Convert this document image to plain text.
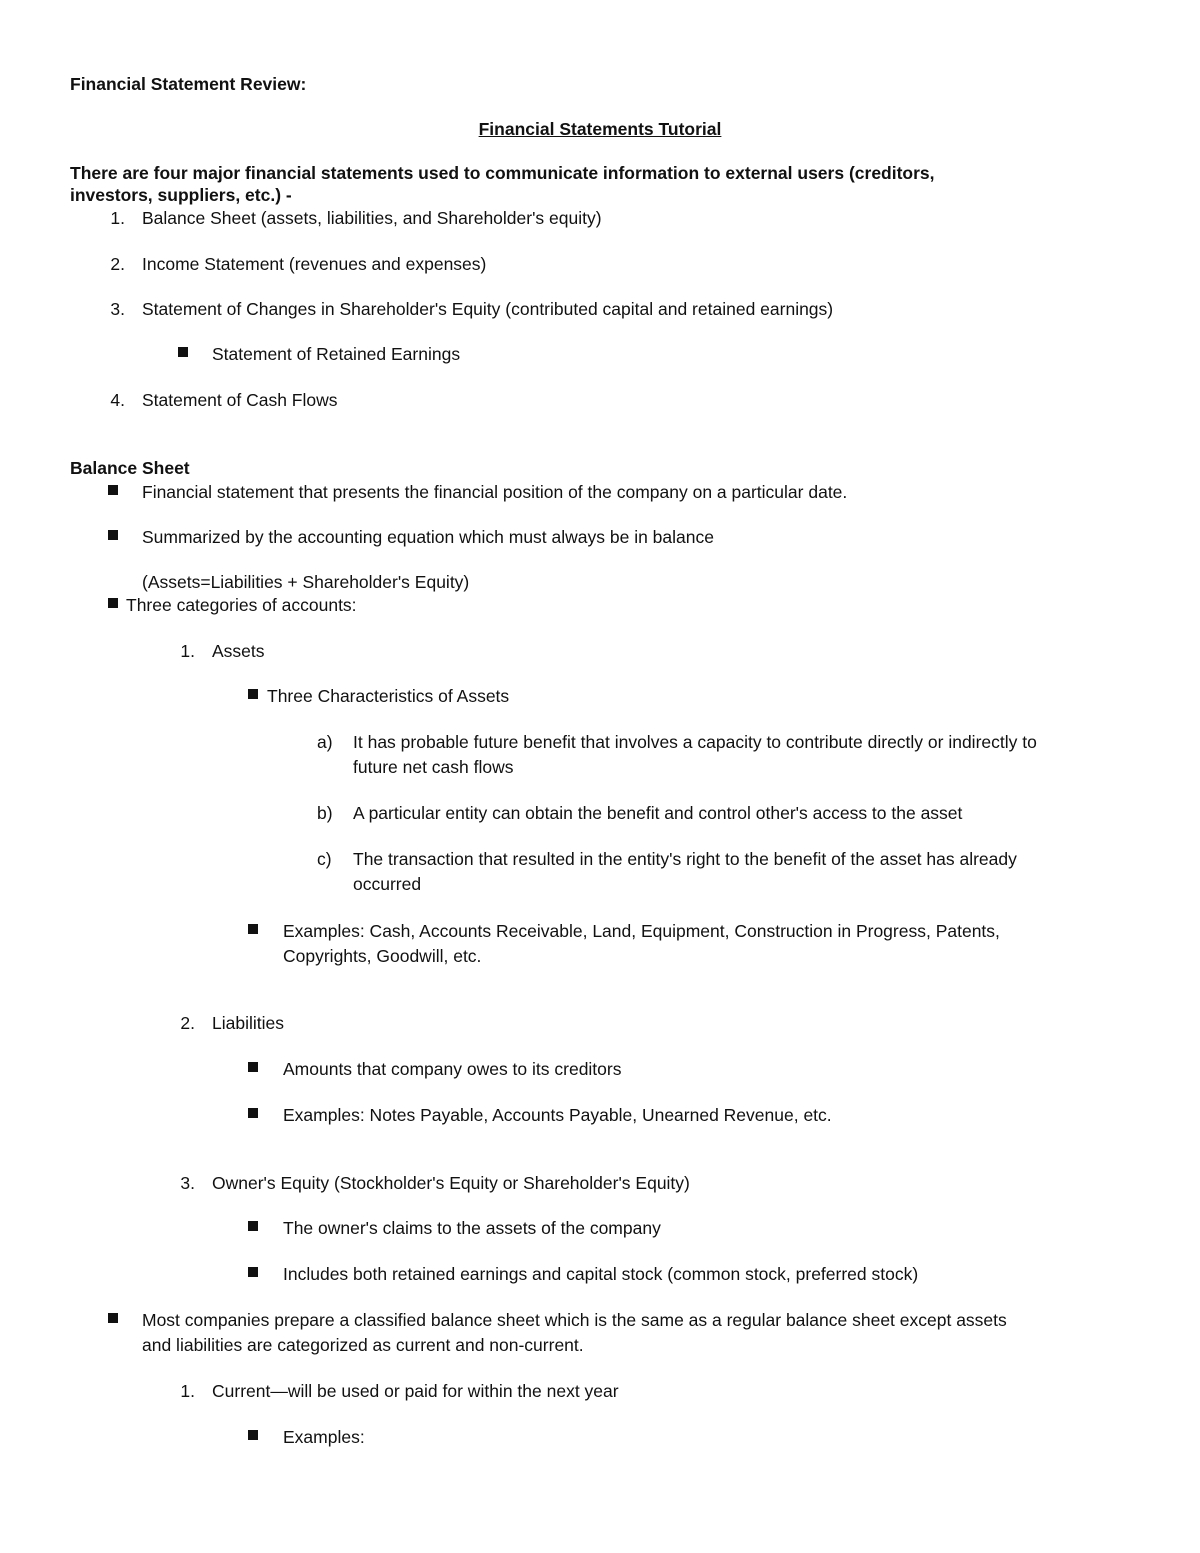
Financial Statement Review:
Financial Statements Tutorial
There are four major financial statements used to communicate information to external users (creditors,
investors, suppliers, etc.) -
1. Balance Sheet (assets, liabilities, and Shareholder's equity)
2. Income Statement (revenues and expenses)
3. Statement of Changes in Shareholder's Equity (contributed capital and retained earnings)
Statement of Retained Earnings
4. Statement of Cash Flows
Balance Sheet
Financial statement that presents the financial position of the company on a particular date.
Summarized by the accounting equation which must always be in balance
(Assets=Liabilities + Shareholder's Equity)
Three categories of accounts:
1. Assets
Three Characteristics of Assets
a) It has probable future benefit that involves a capacity to contribute directly or indirectly to
future net cash flows
b) A particular entity can obtain the benefit and control other's access to the asset
c) The transaction that resulted in the entity's right to the benefit of the asset has already
occurred
Examples: Cash, Accounts Receivable, Land, Equipment, Construction in Progress, Patents,
Copyrights, Goodwill, etc.
2. Liabilities
Amounts that company owes to its creditors
Examples: Notes Payable, Accounts Payable, Unearned Revenue, etc.
3. Owner's Equity (Stockholder's Equity or Shareholder's Equity)
The owner's claims to the assets of the company
Includes both retained earnings and capital stock (common stock, preferred stock)
Most companies prepare a classified balance sheet which is the same as a regular balance sheet except assets
and liabilities are categorized as current and non-current.
1. Current—will be used or paid for within the next year
Examples:
